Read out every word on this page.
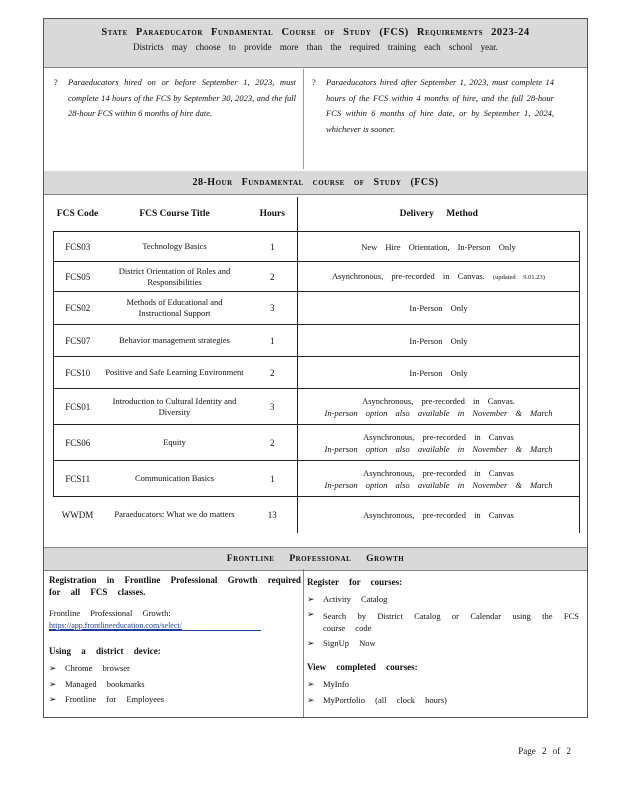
State Paraeducator Fundamental Course of Study (FCS) Requirements 2023-24
Districts may choose to provide more than the required training each school year.
? Paraeducators hired on or before September 1, 2023, must complete 14 hours of the FCS by September 30, 2023, and the full 28-hour FCS within 6 months of hire date.
? Paraeducators hired after September 1, 2023, must complete 14 hours of the FCS within 4 months of hire, and the full 28-hour FCS within 6 months of hire date, or by September 1, 2024, whichever is sooner.
28-Hour Fundamental course of Study (FCS)
FCS Code	FCS Course Title	Hours	Delivery Method
FCS03	Technology Basics	1	New Hire Orientation, In-Person Only
FCS05	District Orientation of Roles and Responsibilities	2	Asynchronous, pre-recorded in Canvas. (updated 9.01.23)
FCS02	Methods of Educational and Instructional Support	3	In-Person Only
FCS07	Behavior management strategies	1	In-Person Only
FCS10	Positive and Safe Learning Environment	2	In-Person Only
FCS01	Introduction to Cultural Identity and Diversity	3	Asynchronous, pre-recorded in Canvas.
In-person option also available in November & March

FCS06	Equity	2	Asynchronous, pre-recorded in Canvas
In-person option also available in November & March

FCS11	Communication Basics	1	Asynchronous, pre-recorded in Canvas
In-person option also available in November & March

WWDM	Paraeducators: What we do matters	13	Asynchronous, pre-recorded in Canvas
Frontline Professional Growth
Registration in Frontline Professional Growth required for all FCS classes.
Frontline Professional Growth:
https://app.frontlineeducation.com/select/
Using a district device:
➢ Chrome browser
➢ Managed bookmarks
➢ Frontline for Employees
Register for courses:
➢ Activity Catalog
➢ Search by District Catalog or Calendar using the FCS course code
➢ SignUp Now
View completed courses:
➢ MyInfo
➢ MyPortfolio (all clock hours)
Page 2 of 2
